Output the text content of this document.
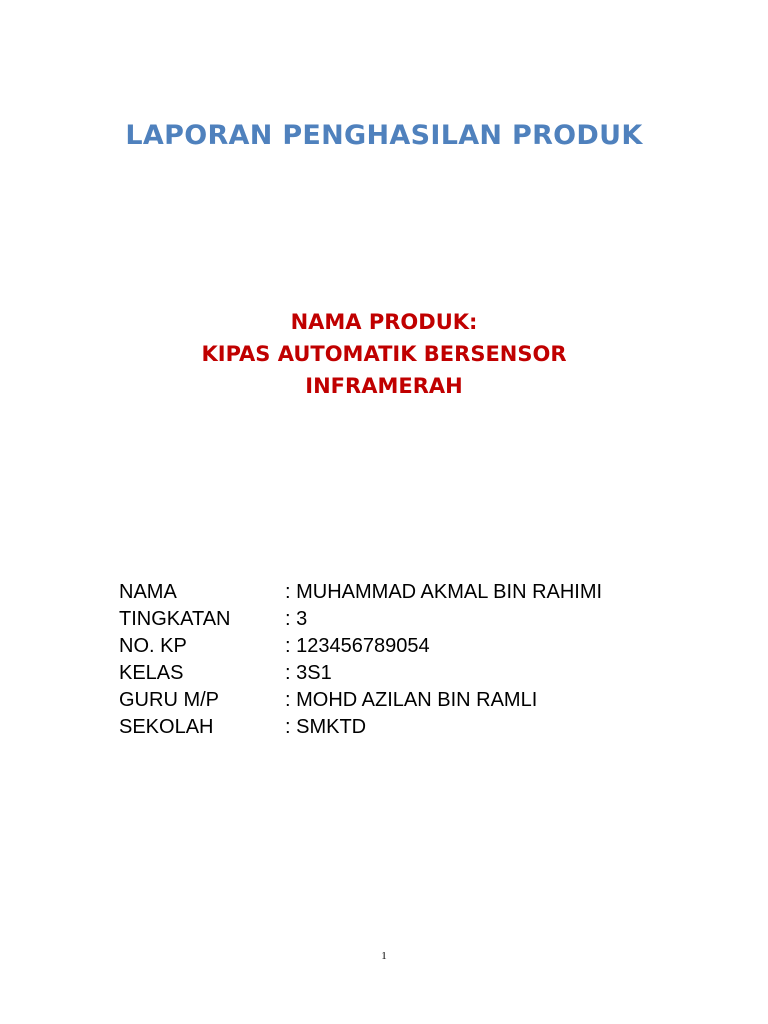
LAPORAN PENGHASILAN PRODUK
NAMA PRODUK:
KIPAS AUTOMATIK BERSENSOR
INFRAMERAH
NAMA	: MUHAMMAD AKMAL BIN RAHIMI
TINGKATAN	: 3
NO. KP	: 123456789054
KELAS	: 3S1
GURU M/P	: MOHD AZILAN BIN RAMLI
SEKOLAH	: SMKTD
1
